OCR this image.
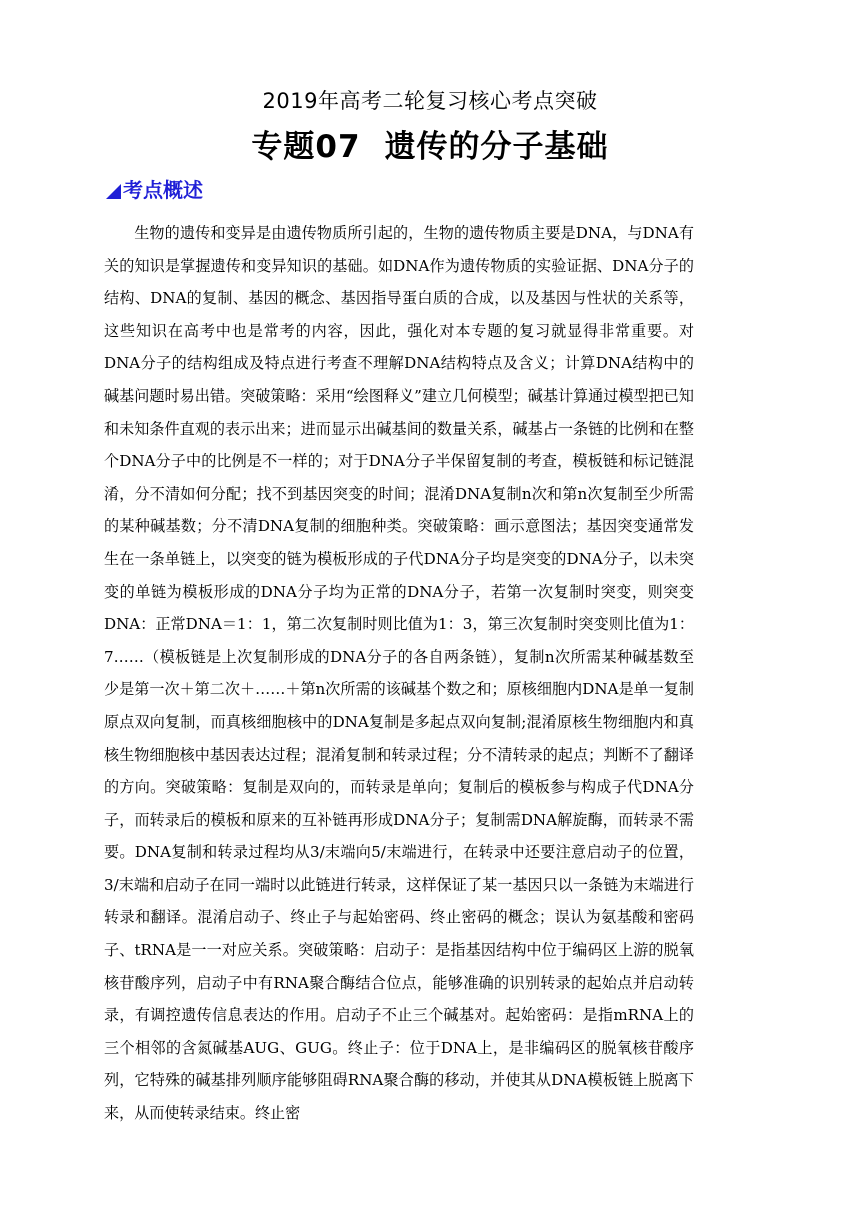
2019年高考二轮复习核心考点突破
专题07 遗传的分子基础
考点概述

生物的遗传和变异是由遗传物质所引起的，生物的遗传物质主要是DNA，与DNA有关的知识是掌握遗传和变异知识的基础。如DNA作为遗传物质的实验证据、DNA分子的结构、DNA的复制、基因的概念、基因指导蛋白质的合成，以及基因与性状的关系等，这些知识在高考中也是常考的内容，因此，强化对本专题的复习就显得非常重要。对DNA分子的结构组成及特点进行考查不理解DNA结构特点及含义；计算DNA结构中的碱基问题时易出错。突破策略：采用“绘图释义”建立几何模型；碱基计算通过模型把已知和未知条件直观的表示出来；进而显示出碱基间的数量关系，碱基占一条链的比例和在整个DNA分子中的比例是不一样的；对于DNA分子半保留复制的考查，模板链和标记链混淆，分不清如何分配；找不到基因突变的时间；混淆DNA复制n次和第n次复制至少所需的某种碱基数；分不清DNA复制的细胞种类。突破策略：画示意图法；基因突变通常发生在一条单链上，以突变的链为模板形成的子代DNA分子均是突变的DNA分子，以未突变的单链为模板形成的DNA分子均为正常的DNA分子，若第一次复制时突变，则突变DNA：正常DNA＝1：1，第二次复制时则比值为1：3，第三次复制时突变则比值为1：7……（模板链是上次复制形成的DNA分子的各自两条链），复制n次所需某种碱基数至少是第一次＋第二次＋……＋第n次所需的该碱基个数之和；原核细胞内DNA是单一复制原点双向复制，而真核细胞核中的DNA复制是多起点双向复制;混淆原核生物细胞内和真核生物细胞核中基因表达过程；混淆复制和转录过程；分不清转录的起点；判断不了翻译的方向。突破策略：复制是双向的，而转录是单向；复制后的模板参与构成子代DNA分子，而转录后的模板和原来的互补链再形成DNA分子；复制需DNA解旋酶，而转录不需要。DNA复制和转录过程均从3/末端向5/末端进行，在转录中还要注意启动子的位置，3/末端和启动子在同一端时以此链进行转录，这样保证了某一基因只以一条链为末端进行转录和翻译。混淆启动子、终止子与起始密码、终止密码的概念；误认为氨基酸和密码子、tRNA是一一对应关系。突破策略：启动子：是指基因结构中位于编码区上游的脱氧核苷酸序列，启动子中有RNA聚合酶结合位点，能够准确的识别转录的起始点并启动转录，有调控遗传信息表达的作用。启动子不止三个碱基对。起始密码：是指mRNA上的三个相邻的含氮碱基AUG、GUG。终止子：位于DNA上，是非编码区的脱氧核苷酸序列，它特殊的碱基排列顺序能够阻碍RNA聚合酶的移动，并使其从DNA模板链上脱离下来，从而使转录结束。终止密
